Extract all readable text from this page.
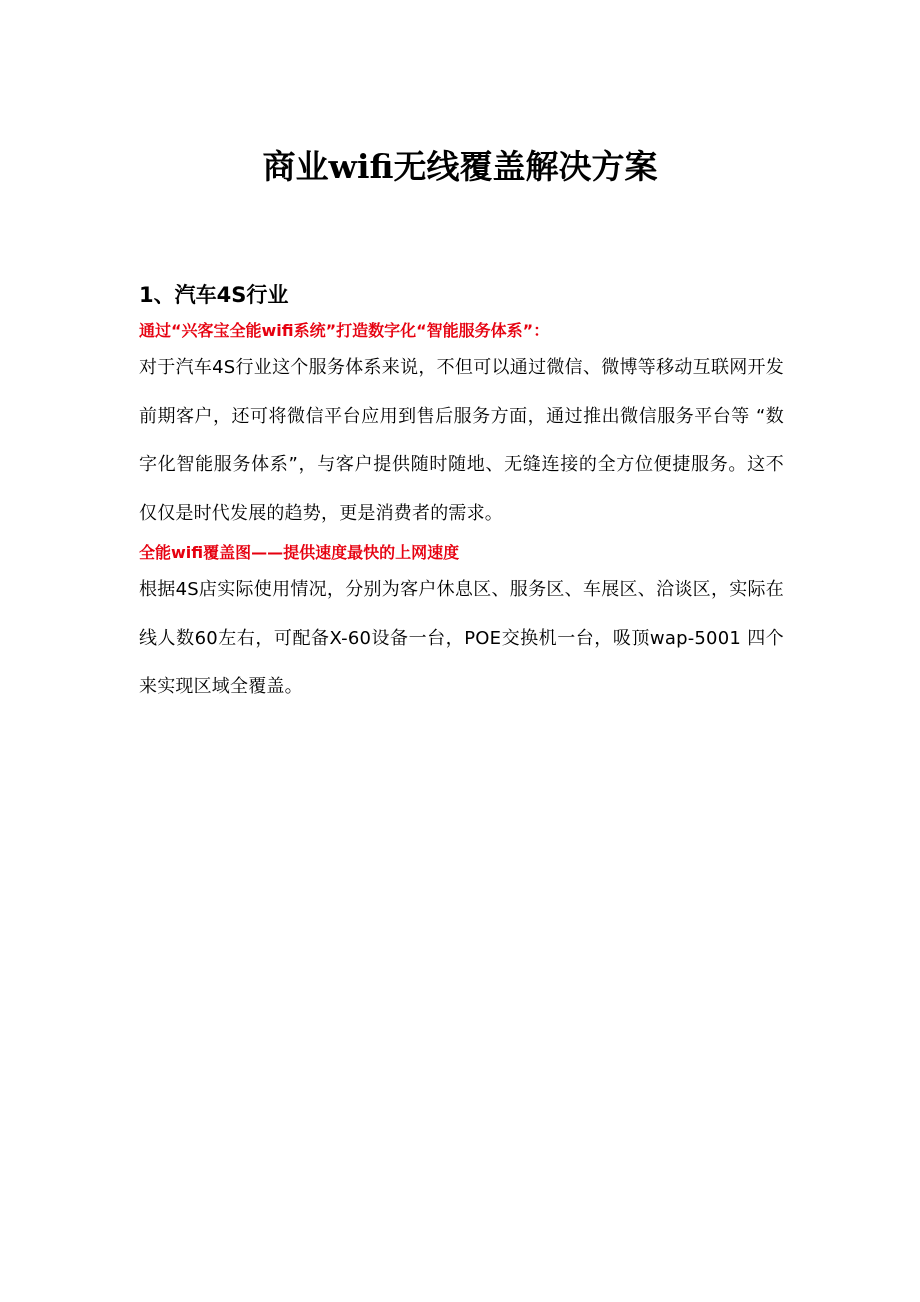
商业wifi无线覆盖解决方案
1、汽车4S行业

通过“兴客宝全能wifi系统”打造数字化“智能服务体系”：

对于汽车4S行业这个服务体系来说，不但可以通过微信、微博等移动互联网开发前期客户，还可将微信平台应用到售后服务方面，通过推出微信服务平台等 “数字化智能服务体系”，与客户提供随时随地、无缝连接的全方位便捷服务。这不仅仅是时代发展的趋势，更是消费者的需求。

全能wifi覆盖图——提供速度最快的上网速度

根据4S店实际使用情况，分别为客户休息区、服务区、车展区、洽谈区，实际在线人数60左右，可配备X-60设备一台，POE交换机一台，吸顶wap-5001 四个来实现区域全覆盖。
